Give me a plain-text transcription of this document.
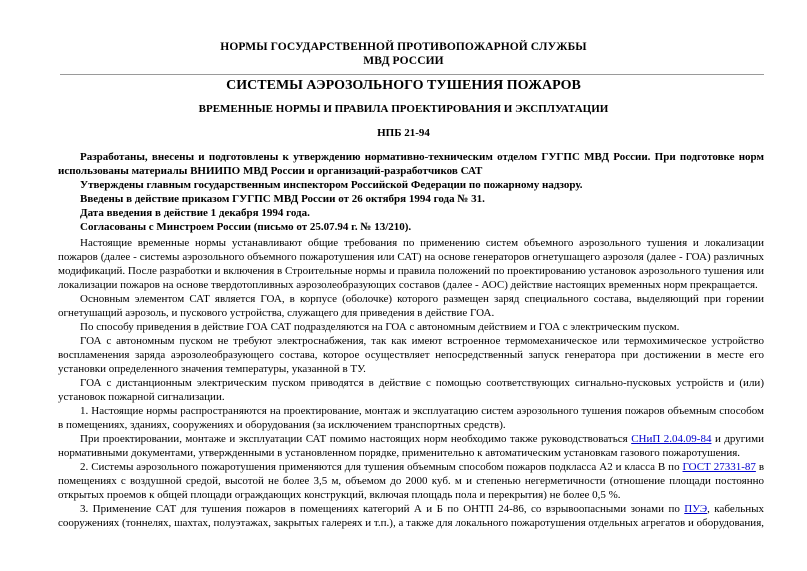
НОРМЫ ГОСУДАРСТВЕННОЙ ПРОТИВОПОЖАРНОЙ СЛУЖБЫ
МВД РОССИИ
СИСТЕМЫ АЭРОЗОЛЬНОГО ТУШЕНИЯ ПОЖАРОВ
ВРЕМЕННЫЕ НОРМЫ И ПРАВИЛА ПРОЕКТИРОВАНИЯ И ЭКСПЛУАТАЦИИ
НПБ 21-94
Разработаны, внесены и подготовлены к утверждению нормативно-техническим отделом ГУГПС МВД России. При подготовке норм использованы материалы ВНИИПО МВД России и организаций-разработчиков САТ
Утверждены главным государственным инспектором Российской Федерации по пожарному надзору.
Введены в действие приказом ГУГПС МВД России от 26 октября 1994 года № 31.
Дата введения в действие 1 декабря 1994 года.
Согласованы с Минстроем России (письмо от 25.07.94 г. № 13/210).
Настоящие временные нормы устанавливают общие требования по применению систем объемного аэрозольного тушения и локализации пожаров (далее - системы аэрозольного объемного пожаротушения или САТ) на основе генераторов огнетушащего аэрозоля (далее - ГОА) различных модификаций. После разработки и включения в Строительные нормы и правила положений по проектированию установок аэрозольного тушения или локализации пожаров на основе твердотопливных аэрозолеобразующих составов (далее - АОС) действие настоящих временных норм прекращается.
Основным элементом САТ является ГОА, в корпусе (оболочке) которого размещен заряд специального состава, выделяющий при горении огнетушащий аэрозоль, и пускового устройства, служащего для приведения в действие ГОА.
По способу приведения в действие ГОА САТ подразделяются на ГОА с автономным действием и ГОА с электрическим пуском.
ГОА с автономным пуском не требуют электроснабжения, так как имеют встроенное термомеханическое или термохимическое устройство воспламенения заряда аэрозолеобразующего состава, которое осуществляет непосредственный запуск генератора при достижении в месте его установки определенного значения температуры, указанной в ТУ.
ГОА с дистанционным электрическим пуском приводятся в действие с помощью соответствующих сигнально-пусковых устройств и (или) установок пожарной сигнализации.
1. Настоящие нормы распространяются на проектирование, монтаж и эксплуатацию систем аэрозольного тушения пожаров объемным способом в помещениях, зданиях, сооружениях и оборудования (за исключением транспортных средств).
При проектировании, монтаже и эксплуатации САТ помимо настоящих норм необходимо также руководствоваться СНиП 2.04.09-84 и другими
нормативными документами, утвержденными в установленном порядке, применительно к автоматическим установкам газового пожаротушения.
2. Системы аэрозольного пожаротушения применяются для тушения объемным способом пожаров подкласса А2 и класса В по ГОСТ 27331-87 в
помещениях с воздушной средой, высотой не более 3,5 м, объемом до 2000 куб. м и степенью негерметичности (отношение площади постоянно
открытых проемов к общей площади ограждающих конструкций, включая площадь пола и перекрытия) не более 0,5 %.
3. Применение САТ для тушения пожаров в помещениях категорий А и Б по ОНТП 24-86, со взрывоопасными зонами по ПУЭ, кабельных
сооружениях (тоннелях, шахтах, полуэтажах, закрытых галереях и т.п.), а также для локального пожаротушения отдельных агрегатов и оборудования,
